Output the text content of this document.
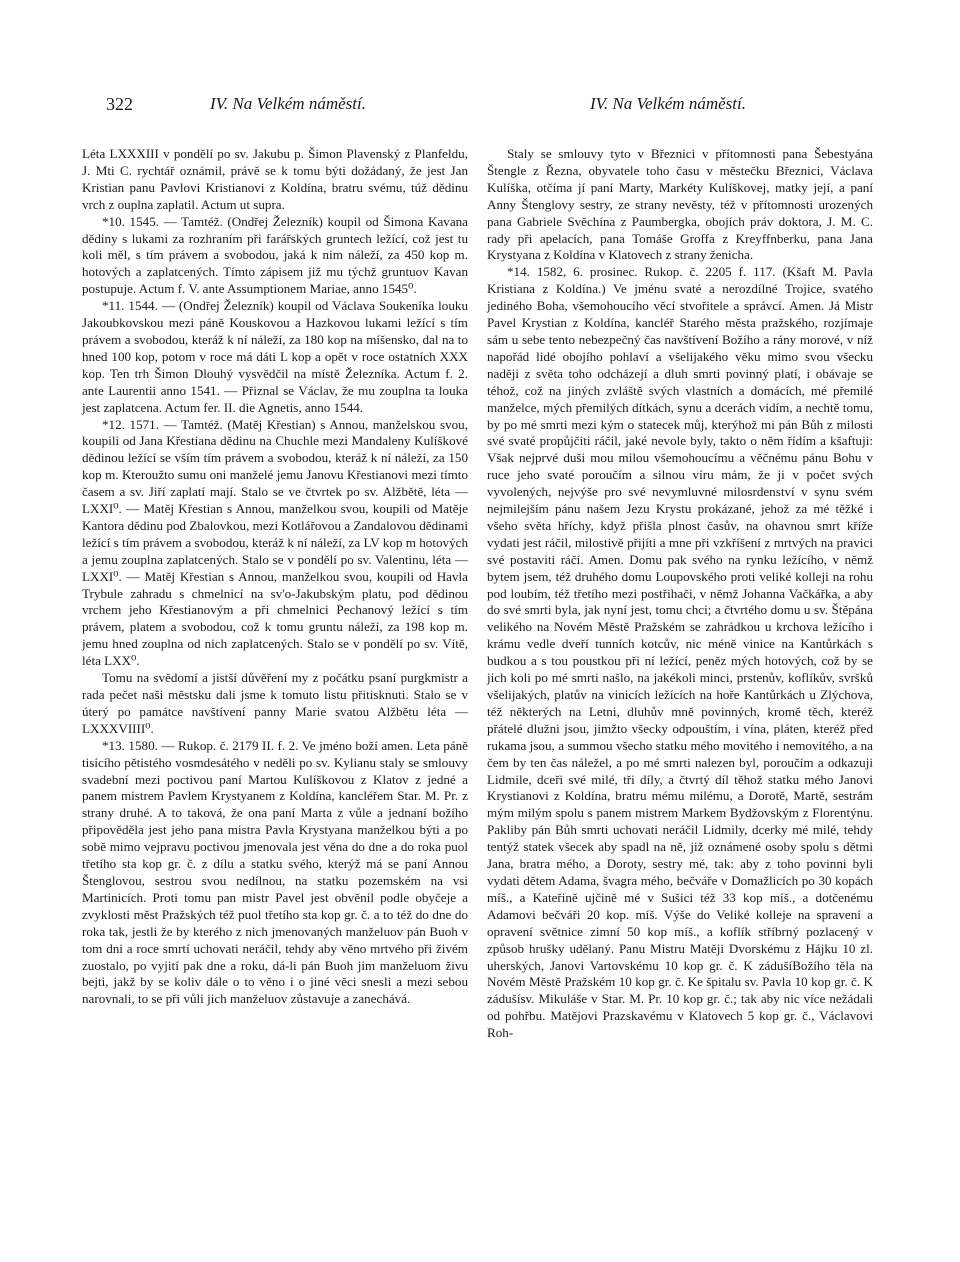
322	IV. Na Velkém náměstí.	IV. Na Velkém náměstí.

Léta LXXXIII v pondělí po sv. Jakubu p. Šimon Plavenský z Planfeldu, J. Mti C. rychtář oznámil, právě se k tomu býti dožádaný, že jest Jan Kristian panu Pavlovi Kristianovi z Koldína, bratru svému, túž dědinu vrch z ouplna zaplatil. Actum ut supra.

*10. 1545. — Tamtéž. (Ondřej Železník) koupil od Šimona Kavana dědiny s lukami za rozhraním při farářských gruntech ležící, což jest tu koli měl, s tím právem a svobodou, jaká k nim náleží, za 450 kop m. hotových a zaplatcených. Tímto zápisem již mu týchž gruntuov Kavan postupuje. Actum f. V. ante Assumptionem Mariae, anno 1545⁰.

*11. 1544. — (Ondřej Železník) koupil od Václava Soukeníka louku Jakoubkovskou mezi páně Kouskovou a Hazkovou lukami ležící s tím právem a svobodou, kteráž k ní náleží, za 180 kop na míšensko, dal na to hned 100 kop, potom v roce má dáti L kop a opět v roce ostatních XXX kop. Ten trh Šimon Dlouhý vysvědčil na místě Železníka. Actum f. 2. ante Laurentii anno 1541. — Přiznal se Václav, že mu zouplna ta louka jest zaplatcena. Actum fer. II. die Agnetis, anno 1544.

*12. 1571. — Tamtéž. (Matěj Křestian) s Annou, manželskou svou, koupili od Jana Křestiana dědinu na Chuchle mezi Mandaleny Kulíškové dědinou ležící se vším tím právem a svobodou, kteráž k ní náleží, za 150 kop m. Kteroužto sumu oni manželé jemu Janovu Křestianovi mezi tímto časem a sv. Jiří zaplatí mají. Stalo se ve čtvrtek po sv. Alžbětě, léta — LXXI⁰. — Matěj Křestian s Annou, manželkou svou, koupili od Matěje Kantora dědinu pod Zbalovkou, mezi Kotlářovou a Zandalovou dědinami ležící s tím právem a svobodou, kteráž k ní náleží, za LV kop m hotových a jemu zouplna zaplatcených. Stalo se v pondělí po sv. Valentinu, léta — LXXI⁰. — Matěj Křestian s Annou, manželkou svou, koupili od Havla Trybule zahradu s chmelnicí na sv'o-Jakubským platu, pod dědinou vrchem jeho Křestianovým a při chmelnici Pechanový ležící s tím právem, platem a svobodou, což k tomu gruntu náleží, za 198 kop m. jemu hned zouplna od nich zaplatcených. Stalo se v pondělí po sv. Vítě, léta LXX⁰.

Tomu na svědomí a jistší důvěření my z počátku psaní purgkmistr a rada pečet naši městsku dali jsme k tomuto listu přitisknuti. Stalo se v úterý po památce navštívení panny Marie svatou Alžbětu léta — LXXXVIIII⁰.

*13. 1580. — Rukop. č. 2179 II. f. 2. Ve jméno boží amen. Leta páně tisícího pětistého vosmdesátého v neděli po sv. Kylianu staly se smlouvy svadební mezi poctivou paní Martou Kulíškovou z Klatov z jedné a panem mistrem Pavlem Krystyanem z Koldína, kancléřem Star. M. Pr. z strany druhé. A to taková, že ona paní Marta z vůle a jednaní božího připověděla jest jeho pana mistra Pavla Krystyana manželkou býti a po sobě mimo vejpravu poctivou jmenovala jest věna do dne a do roka puol třetího sta kop gr. č. z dílu a statku svého, kterýž má se paní Annou Štenglovou, sestrou svou nedílnou, na statku pozemském na vsi Martinicích. Proti tomu pan mistr Pavel jest obvěnil podle obyčeje a zvyklosti měst Pražských též puol třetího sta kop gr. č. a to též do dne do roka tak, jestli že by kterého z nich jmenovaných manželuov pán Buoh v tom dni a roce smrtí uchovati neráčil, tehdy aby věno mrtvého při živém zuostalo, po vyjití pak dne a roku, dá-li pán Buoh jim manželuom živu bejti, jakž by se koliv dále o to věno i o jiné věci snesli a mezi sebou narovnali, to se při vůli jich manželuov zůstavuje a zanechává.

Staly se smlouvy tyto v Březnici v přítomnosti pana Šebestyána Štengle z Řezna, obyvatele toho času v městečku Březnici, Václava Kulíška, otčíma jí paní Marty, Markéty Kulíškovej, matky její, a paní Anny Štenglovy sestry, ze strany nevěsty, též v přítomnosti urozených pana Gabriele Svěchína z Paumbergka, obojích práv doktora, J. M. C. rady při apelacích, pana Tomáše Groffa z Kreyffnberku, pana Jana Krystyana z Koldína v Klatovech z strany ženicha.

*14. 1582, 6. prosinec. Rukop. č. 2205 f. 117. (Kšaft M. Pavla Kristiana z Koldína.) Ve jménu svaté a nerozdílné Trojice, svatého jediného Boha, všemohoucího věcí stvořitele a správcí. Amen. Já Mistr Pavel Krystian z Koldína, kancléř Starého města pražského, rozjímaje sám u sebe tento nebezpečný čas navštívení Božího a rány morové, v níž napořád lidé obojího pohlaví a všelijakého věku mimo svou všecku naději z světa toho odcházejí a dluh smrti povinný platí, i obávaje se téhož, což na jiných zvláště svých vlastních a domácích, mé přemilé manželce, mých přemilých dítkách, synu a dcerách vidím, a nechtě tomu, by po mé smrti mezi kým o statecek můj, kterýhož mi pán Bůh z milosti své svaté propůjčiti ráčil, jaké nevole byly, takto o něm řídím a kšaftuji: Však nejprvé duši mou milou všemohoucímu a věčnému pánu Bohu v ruce jeho svaté poroučím a silnou víru mám, že ji v počet svých vyvolených, nejvýše pro své nevymluvné milosrdenství v synu svém nejmilejším pánu našem Jezu Krystu prokázané, jehož za mé těžké i všeho světa hříchy, když přišla plnost časův, na ohavnou smrt kříže vydati jest ráčil, milostivě přijíti a mne při vzkříšení z mrtvých na pravici své postaviti ráčí. Amen. Domu pak svého na rynku ležícího, v němž bytem jsem, též druhého domu Loupovského proti veliké kolleji na rohu pod loubím, též třetího mezi postřihači, v němž Johanna Vačkářka, a aby do své smrti byla, jak nyní jest, tomu chci; a čtvrtého domu u sv. Štěpána velikého na Novém Městě Pražském se zahrádkou u krchova ležícího i krámu vedle dveří tunních kotcův, nic méně vinice na Kantůrkách s budkou a s tou poustkou při ní ležící, peněz mých hotových, což by se jich koli po mé smrti našlo, na jakékoli minci, prstenův, koflíkův, svršků všelijakých, platův na vinicích ležících na hoře Kantůrkách u Zlýchova, též některých na Letni, dluhův mně povinných, kromě těch, kteréž přátelé dlužni jsou, jimžto všecky odpouštím, i vína, pláten, kteréž před rukama jsou, a summou všecho statku mého movitého i nemovitého, a na čem by ten čas náležel, a po mé smrti nalezen byl, poroučím a odkazuji Lidmile, dceři své milé, tři díly, a čtvrtý díl těhož statku mého Janovi Krystianovi z Koldína, bratru mému milému, a Dorotě, Martě, sestrám mým milým spolu s panem mistrem Markem Bydžovským z Florentýnu. Pakliby pán Bůh smrti uchovati neráčil Lidmily, dcerky mé milé, tehdy tentýž statek všecek aby spadl na ně, již oznámené osoby spolu s dětmi Jana, bratra mého, a Doroty, sestry mé, tak: aby z toho povinni byli vydati dětem Adama, švagra mého, bečváře v Domažlicích po 30 kopách míš., a Kateřině ujčině mé v Sušici též 33 kop míš., a dotčenému Adamovi bečváři 20 kop. míš. Výše do Veliké kolleje na spravení a opravení světnice zimní 50 kop míš., a koflík stříbrný pozlacený v způsob hrušky udělaný. Panu Mistru Matěji Dvorskému z Hájku 10 zl. uherských, Janovi Vartovskému 10 kop gr. č. K zádušíBožího těla na Novém Městě Pražském 10 kop gr. č. Ke špitalu sv. Pavla 10 kop gr. č. K zádušísv. Mikuláše v Star. M. Pr. 10 kop gr. č.; tak aby nic více nežádali od pohřbu. Matějovi Prazskavému v Klatovech 5 kop gr. č., Václavovi Roh-
